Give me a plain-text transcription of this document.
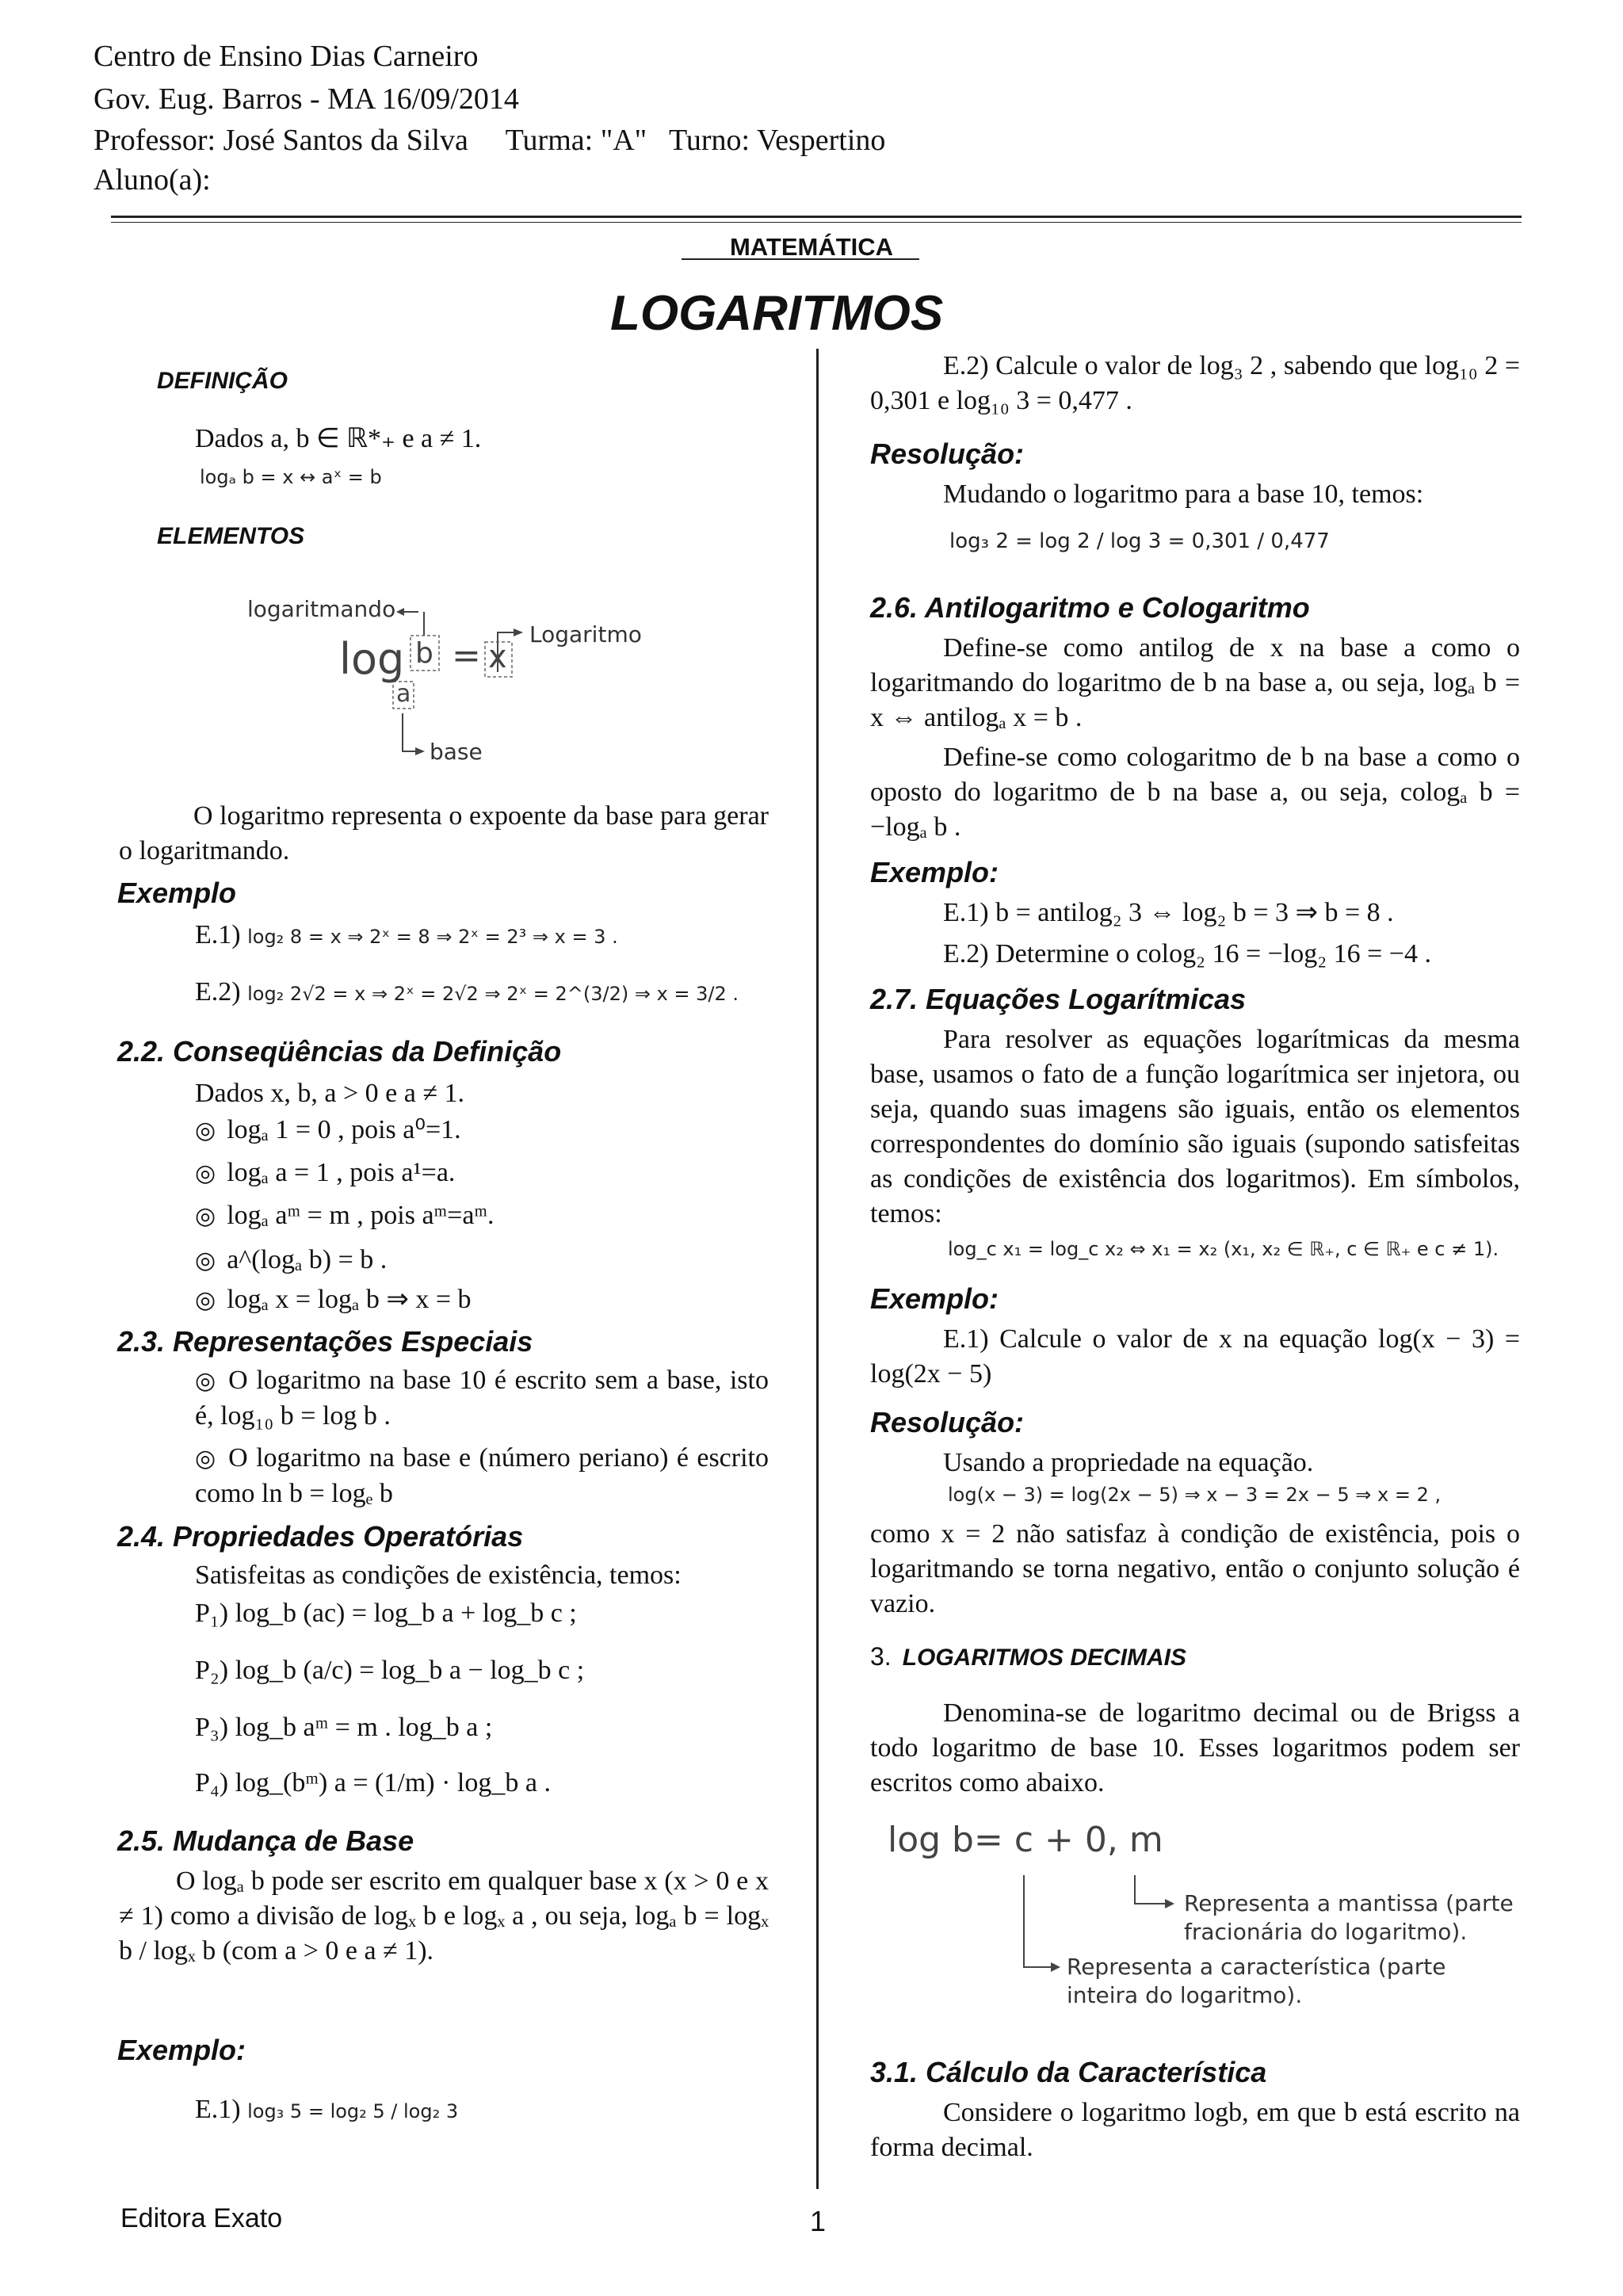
Centro de Ensino Dias Carneiro
Gov. Eug. Barros - MA 16/09/2014
Professor: José Santos da Silva     Turma: "A"   Turno: Vespertino
Aluno(a):
MATEMÁTICA
LOGARITMOS
DEFINIÇÃO
Dados a, b ∈ ℝ*₊ e a ≠ 1.
logₐ b = x ↔ aˣ = b
ELEMENTOS
logaritmando
Logaritmo
base
log b = x
a
O logaritmo representa o expoente da base para gerar o logaritmando.
Exemplo
E.1) log₂ 8 = x ⇒ 2ˣ = 8 ⇒ 2ˣ = 2³ ⇒ x = 3 .
E.2) log₂ 2√2 = x ⇒ 2ˣ = 2√2 ⇒ 2ˣ = 2^(3/2) ⇒ x = 3/2 .
2.2. Conseqüências da Definição
Dados x, b, a > 0 e a ≠ 1.
◎ logₐ 1 = 0 , pois a⁰=1.
◎ logₐ a = 1 , pois a¹=a.
◎ logₐ aᵐ = m , pois aᵐ=aᵐ.
◎ a^(logₐ b) = b .
◎ logₐ x = logₐ b ⇒ x = b
2.3. Representações Especiais
◎ O logaritmo na base 10 é escrito sem a base, isto é, log₁₀ b = log b .
◎ O logaritmo na base e (número periano) é escrito como ln b = logₑ b
2.4. Propriedades Operatórias
Satisfeitas as condições de existência, temos:
P₁) log_b (ac) = log_b a + log_b c ;
P₂) log_b (a/c) = log_b a − log_b c ;
P₃) log_b aᵐ = m . log_b a ;
P₄) log_(bᵐ) a = (1/m) · log_b a .
2.5. Mudança de Base
O logₐ b pode ser escrito em qualquer base x (x > 0 e x ≠ 1) como a divisão de logₓ b e logₓ a , ou seja, logₐ b = logₓ b / logₓ b (com a > 0 e a ≠ 1).
Exemplo:
E.1) log₃ 5 = log₂ 5 / log₂ 3
E.2) Calcule o valor de log₃ 2 , sabendo que log₁₀ 2 = 0,301 e log₁₀ 3 = 0,477 .
Resolução:
Mudando o logaritmo para a base 10, temos:
log₃ 2 = log 2 / log 3 = 0,301 / 0,477
2.6. Antilogaritmo e Cologaritmo
Define-se como antilog de x na base a como o logaritmando do logaritmo de b na base a, ou seja, logₐ b = x ⇔ antilogₐ x = b .
Define-se como cologaritmo de b na base a como o oposto do logaritmo de b na base a, ou seja, cologₐ b = −logₐ b .
Exemplo:
E.1) b = antilog₂ 3 ⇔ log₂ b = 3 ⇒ b = 8 .
E.2) Determine o colog₂ 16 = −log₂ 16 = −4 .
2.7. Equações Logarítmicas
Para resolver as equações logarítmicas da mesma base, usamos o fato de a função logarítmica ser injetora, ou seja, quando suas imagens são iguais, então os elementos correspondentes do domínio são iguais (supondo satisfeitas as condições de existência dos logaritmos). Em símbolos, temos:
log_c x₁ = log_c x₂ ⇔ x₁ = x₂ (x₁, x₂ ∈ ℝ₊, c ∈ ℝ₊ e c ≠ 1).
Exemplo:
E.1) Calcule o valor de x na equação log(x − 3) = log(2x − 5)
Resolução:
Usando a propriedade na equação.
log(x − 3) = log(2x − 5) ⇒ x − 3 = 2x − 5 ⇒ x = 2 ,
como x = 2 não satisfaz à condição de existência, pois o logaritmando se torna negativo, então o conjunto solução é vazio.
3. LOGARITMOS DECIMAIS
Denomina-se de logaritmo decimal ou de Brigss a todo logaritmo de base 10. Esses logaritmos podem ser escritos como abaixo.
log b= c + 0, m
Representa a mantissa (parte fracionária do logaritmo).
Representa a característica (parte inteira do logaritmo).
3.1. Cálculo da Característica
Considere o logaritmo logb, em que b está escrito na forma decimal.
Editora Exato	1
